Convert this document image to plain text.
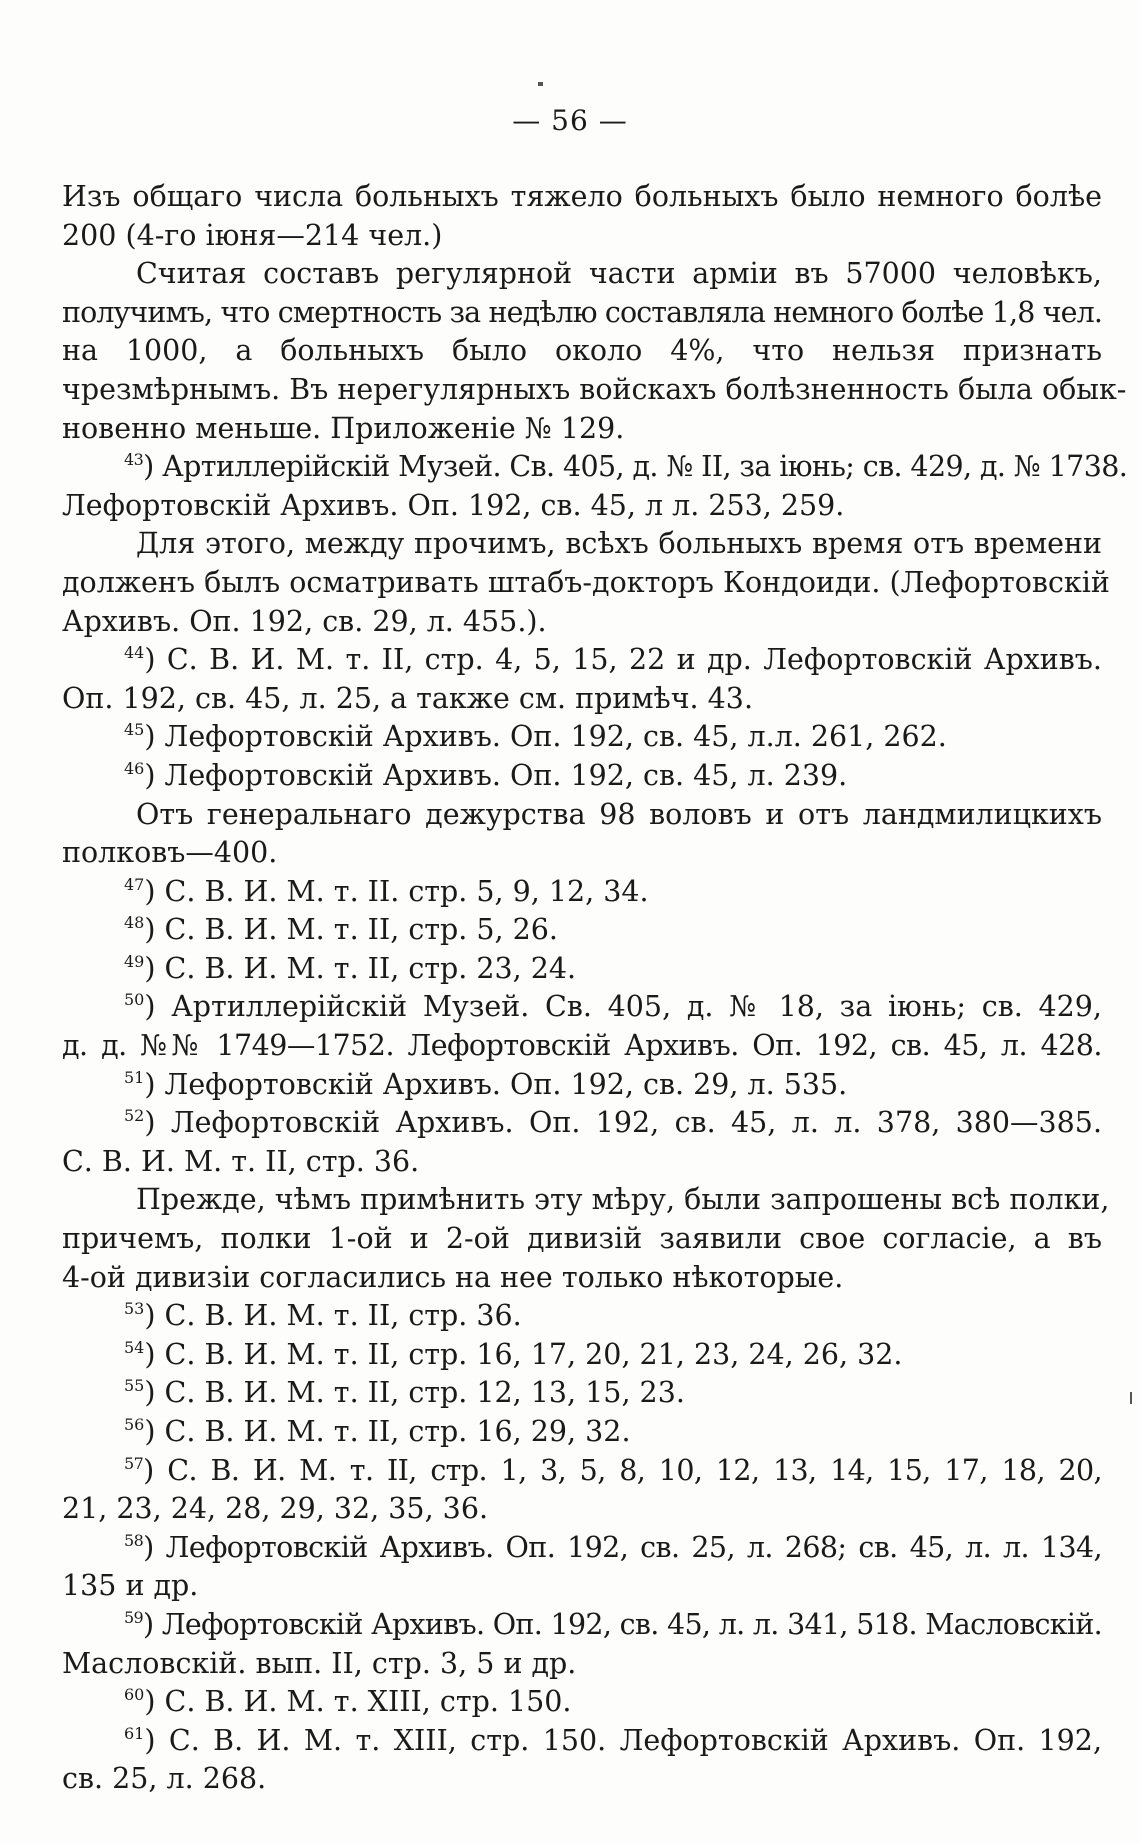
— 56 —
Изъ общаго числа больныхъ тяжело больныхъ было немного болѣе
200 (4-го іюня—214 чел.)
Считая составъ регулярной части арміи въ 57000 человѣкъ,
получимъ, что смертность за недѣлю составляла немного болѣе 1,8 чел.
на 1000, а больныхъ было около 4%, что нельзя признать
чрезмѣрнымъ. Въ нерегулярныхъ войскахъ болѣзненность была обык-
новенно меньше. Приложеніе № 129.
$^{43}$) Артиллерійскій Музей. Св. 405, д. № II, за іюнь; св. 429, д. № 1738.
Лефортовскій Архивъ. Оп. 192, св. 45, л л. 253, 259.
Для этого, между прочимъ, всѣхъ больныхъ время отъ времени
долженъ былъ осматривать штабъ-докторъ Кондоиди. (Лефортовскій
Архивъ. Оп. 192, св. 29, л. 455.).
$^{44}$) С. В. И. М. т. II, стр. 4, 5, 15, 22 и др. Лефортовскій Архивъ.
Оп. 192, св. 45, л. 25, а также см. примѣч. 43.
$^{45}$) Лефортовскій Архивъ. Оп. 192, св. 45, л.л. 261, 262.
$^{46}$) Лефортовскій Архивъ. Оп. 192, св. 45, л. 239.
Отъ генеральнаго дежурства 98 воловъ и отъ ландмилицкихъ
полковъ—400.
$^{47}$) С. В. И. М. т. II. стр. 5, 9, 12, 34.
$^{48}$) С. В. И. М. т. II, стр. 5, 26.
$^{49}$) С. В. И. М. т. II, стр. 23, 24.
$^{50}$) Артиллерійскій Музей. Св. 405, д. № 18, за іюнь; св. 429,
д. д. №№ 1749—1752. Лефортовскій Архивъ. Оп. 192, св. 45, л. 428.
$^{51}$) Лефортовскій Архивъ. Оп. 192, св. 29, л. 535.
$^{52}$) Лефортовскій Архивъ. Оп. 192, св. 45, л. л. 378, 380—385.
С. В. И. М. т. II, стр. 36.
Прежде, чѣмъ примѣнить эту мѣру, были запрошены всѣ полки,
причемъ, полки 1-ой и 2-ой дивизій заявили свое согласіе, а въ
4-ой дивизіи согласились на нее только нѣкоторые.
$^{53}$) С. В. И. М. т. II, стр. 36.
$^{54}$) С. В. И. М. т. II, стр. 16, 17, 20, 21, 23, 24, 26, 32.
$^{55}$) С. В. И. М. т. II, стр. 12, 13, 15, 23.
$^{56}$) С. В. И. М. т. II, стр. 16, 29, 32.
$^{57}$) С. В. И. М. т. II, стр. 1, 3, 5, 8, 10, 12, 13, 14, 15, 17, 18, 20,
21, 23, 24, 28, 29, 32, 35, 36.
$^{58}$) Лефортовскій Архивъ. Оп. 192, св. 25, л. 268; св. 45, л. л. 134,
135 и др.
$^{59}$) Лефортовскій Архивъ. Оп. 192, св. 45, л. л. 341, 518. Масловскій.
Масловскій. вып. II, стр. 3, 5 и др.
$^{60}$) С. В. И. М. т. XIII, стр. 150.
$^{61}$) С. В. И. М. т. XIII, стр. 150. Лефортовскій Архивъ. Оп. 192,
св. 25, л. 268.
